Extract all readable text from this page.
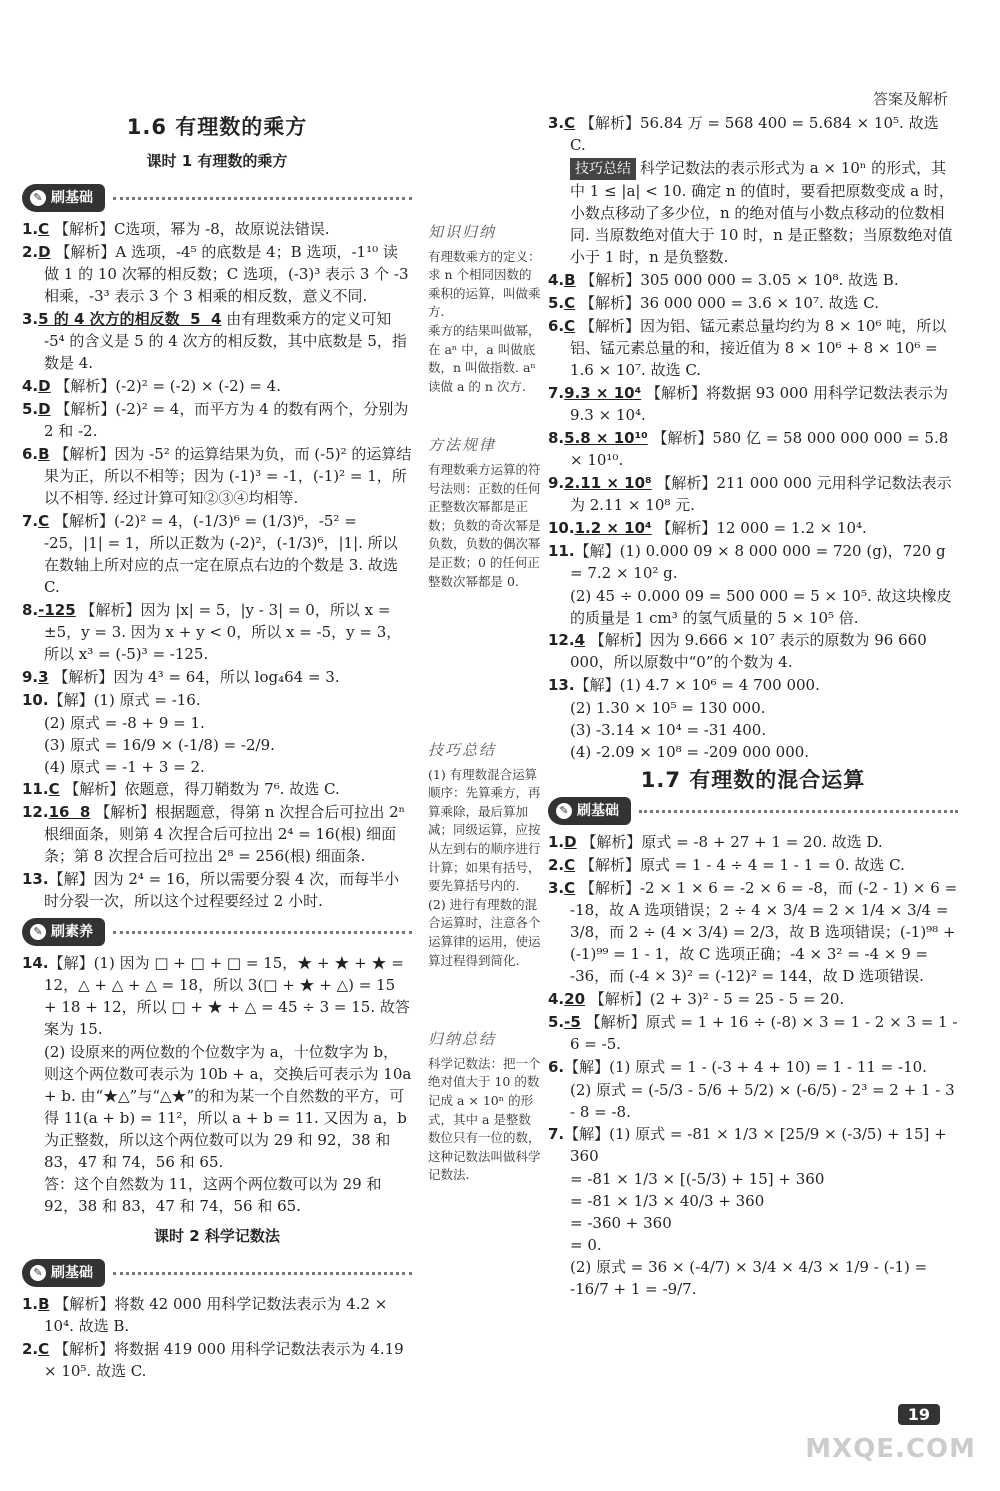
答案及解析
1.6 有理数的乘方
课时 1 有理数的乘方
✎ 刷基础

1.C 【解析】C选项，幂为 -8，故原说法错误.

2.D 【解析】A 选项，-4⁵ 的底数是 4；B 选项，-1¹⁰ 读做 1 的 10 次幂的相反数；C 选项，(-3)³ 表示 3 个 -3 相乘，-3³ 表示 3 个 3 相乘的相反数，意义不同.

3.5 的 4 次方的相反数  5  4 由有理数乘方的定义可知 -5⁴ 的含义是 5 的 4 次方的相反数，其中底数是 5，指数是 4.

4.D 【解析】(-2)² = (-2) × (-2) = 4.

5.D 【解析】(-2)² = 4，而平方为 4 的数有两个，分别为 2 和 -2.

6.B 【解析】因为 -5² 的运算结果为负，而 (-5)² 的运算结果为正，所以不相等；因为 (-1)³ = -1，(-1)² = 1，所以不相等. 经过计算可知②③④均相等.

7.C 【解析】(-2)² = 4，(-1/3)⁶ = (1/3)⁶，-5² = -25，|1| = 1，所以正数为 (-2)²，(-1/3)⁶，|1|. 所以在数轴上所对应的点一定在原点右边的个数是 3. 故选 C.

8.-125 【解析】因为 |x| = 5，|y - 3| = 0，所以 x = ±5，y = 3. 因为 x + y < 0，所以 x = -5，y = 3，所以 x³ = (-5)³ = -125.

9.3 【解析】因为 4³ = 64，所以 log₄64 = 3.

10.【解】(1) 原式 = -16.

(2) 原式 = -8 + 9 = 1.

(3) 原式 = 16/9 × (-1/8) = -2/9.

(4) 原式 = -1 + 3 = 2.

11.C 【解析】依题意，得刀鞘数为 7⁶. 故选 C.

12.16  8 【解析】根据题意，得第 n 次捏合后可拉出 2ⁿ 根细面条，则第 4 次捏合后可拉出 2⁴ = 16(根) 细面条；第 8 次捏合后可拉出 2⁸ = 256(根) 细面条.

13.【解】因为 2⁴ = 16，所以需要分裂 4 次，而每半小时分裂一次，所以这个过程要经过 2 小时.

✎ 刷素养

14.【解】(1) 因为 □ + □ + □ = 15，★ + ★ + ★ = 12，△ + △ + △ = 18，所以 3(□ + ★ + △) = 15 + 18 + 12，所以 □ + ★ + △ = 45 ÷ 3 = 15. 故答案为 15.

(2) 设原来的两位数的个位数字为 a，十位数字为 b，则这个两位数可表示为 10b + a，交换后可表示为 10a + b. 由“★△”与“△★”的和为某一个自然数的平方，可得 11(a + b) = 11²，所以 a + b = 11. 又因为 a，b 为正整数，所以这个两位数可以为 29 和 92，38 和 83，47 和 74，56 和 65.

答：这个自然数为 11，这两个两位数可以为 29 和 92，38 和 83，47 和 74，56 和 65.

课时 2 科学记数法
✎ 刷基础

1.B 【解析】将数 42 000 用科学记数法表示为 4.2 × 10⁴. 故选 B.

2.C 【解析】将数据 419 000 用科学记数法表示为 4.19 × 10⁵. 故选 C.

知识归纳
有理数乘方的定义：求 n 个相同因数的乘积的运算，叫做乘方.
乘方的结果叫做幂，在 aⁿ 中，a 叫做底数，n 叫做指数. aⁿ 读做 a 的 n 次方.
方法规律
有理数乘方运算的符号法则：正数的任何正整数次幂都是正数；负数的奇次幂是负数，负数的偶次幂是正数；0 的任何正整数次幂都是 0.
技巧总结
(1) 有理数混合运算顺序：先算乘方，再算乘除，最后算加减；同级运算，应按从左到右的顺序进行计算；如果有括号，要先算括号内的.
(2) 进行有理数的混合运算时，注意各个运算律的运用，使运算过程得到简化.
归纳总结
科学记数法：把一个绝对值大于 10 的数记成 a × 10ⁿ 的形式，其中 a 是整数数位只有一位的数，这种记数法叫做科学记数法.

3.C 【解析】56.84 万 = 568 400 = 5.684 × 10⁵. 故选 C.

技巧总结 科学记数法的表示形式为 a × 10ⁿ 的形式，其中 1 ≤ |a| < 10. 确定 n 的值时，要看把原数变成 a 时，小数点移动了多少位，n 的绝对值与小数点移动的位数相同. 当原数绝对值大于 10 时，n 是正整数；当原数绝对值小于 1 时，n 是负整数.

4.B 【解析】305 000 000 = 3.05 × 10⁸. 故选 B.

5.C 【解析】36 000 000 = 3.6 × 10⁷. 故选 C.

6.C 【解析】因为铝、锰元素总量均约为 8 × 10⁶ 吨，所以铝、锰元素总量的和，接近值为 8 × 10⁶ + 8 × 10⁶ = 1.6 × 10⁷. 故选 C.

7.9.3 × 10⁴ 【解析】将数据 93 000 用科学记数法表示为 9.3 × 10⁴.

8.5.8 × 10¹⁰ 【解析】580 亿 = 58 000 000 000 = 5.8 × 10¹⁰.

9.2.11 × 10⁸ 【解析】211 000 000 元用科学记数法表示为 2.11 × 10⁸ 元.

10.1.2 × 10⁴ 【解析】12 000 = 1.2 × 10⁴.

11.【解】(1) 0.000 09 × 8 000 000 = 720 (g)，720 g = 7.2 × 10² g.

(2) 45 ÷ 0.000 09 = 500 000 = 5 × 10⁵. 故这块橡皮的质量是 1 cm³ 的氢气质量的 5 × 10⁵ 倍.

12.4 【解析】因为 9.666 × 10⁷ 表示的原数为 96 660 000，所以原数中“0”的个数为 4.

13.【解】(1) 4.7 × 10⁶ = 4 700 000.

(2) 1.30 × 10⁵ = 130 000.

(3) -3.14 × 10⁴ = -31 400.

(4) -2.09 × 10⁸ = -209 000 000.

1.7 有理数的混合运算
✎ 刷基础

1.D 【解析】原式 = -8 + 27 + 1 = 20. 故选 D.

2.C 【解析】原式 = 1 - 4 ÷ 4 = 1 - 1 = 0. 故选 C.

3.C 【解析】-2 × 1 × 6 = -2 × 6 = -8，而 (-2 - 1) × 6 = -18，故 A 选项错误；2 ÷ 4 × 3/4 = 2 × 1/4 × 3/4 = 3/8，而 2 ÷ (4 × 3/4) = 2/3，故 B 选项错误；(-1)⁹⁸ + (-1)⁹⁹ = 1 - 1，故 C 选项正确；-4 × 3² = -4 × 9 = -36，而 (-4 × 3)² = (-12)² = 144，故 D 选项错误.

4.20 【解析】(2 + 3)² - 5 = 25 - 5 = 20.

5.-5 【解析】原式 = 1 + 16 ÷ (-8) × 3 = 1 - 2 × 3 = 1 - 6 = -5.

6.【解】(1) 原式 = 1 - (-3 + 4 + 10) = 1 - 11 = -10.

(2) 原式 = (-5/3 - 5/6 + 5/2) × (-6/5) - 2³ = 2 + 1 - 3 - 8 = -8.

7.【解】(1) 原式 = -81 × 1/3 × [25/9 × (-3/5) + 15] + 360

= -81 × 1/3 × [(-5/3) + 15] + 360

= -81 × 1/3 × 40/3 + 360

= -360 + 360

= 0.

(2) 原式 = 36 × (-4/7) × 3/4 × 4/3 × 1/9 - (-1) = -16/7 + 1 = -9/7.

19
MXQE.COM
